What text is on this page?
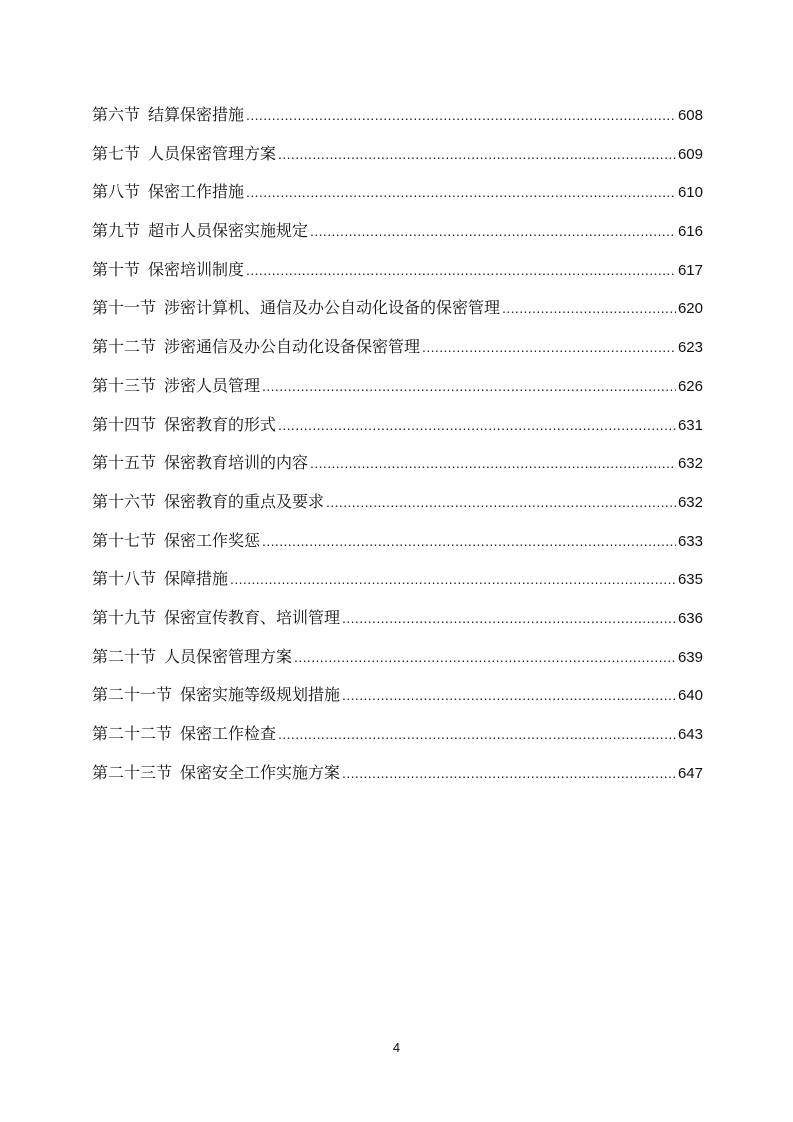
第六节 结算保密措施 .....	608
第七节 人员保密管理方案 .....	609
第八节 保密工作措施 .....	610
第九节 超市人员保密实施规定 .....	616
第十节 保密培训制度 .....	617
第十一节 涉密计算机、通信及办公自动化设备的保密管理 .....	620
第十二节 涉密通信及办公自动化设备保密管理 .....	623
第十三节 涉密人员管理 .....	626
第十四节 保密教育的形式 .....	631
第十五节 保密教育培训的内容 .....	632
第十六节 保密教育的重点及要求 .....	632
第十七节 保密工作奖惩 .....	633
第十八节 保障措施 .....	635
第十九节 保密宣传教育、培训管理 .....	636
第二十节 人员保密管理方案 .....	639
第二十一节 保密实施等级规划措施 .....	640
第二十二节 保密工作检查 .....	643
第二十三节 保密安全工作实施方案 .....	647
4
